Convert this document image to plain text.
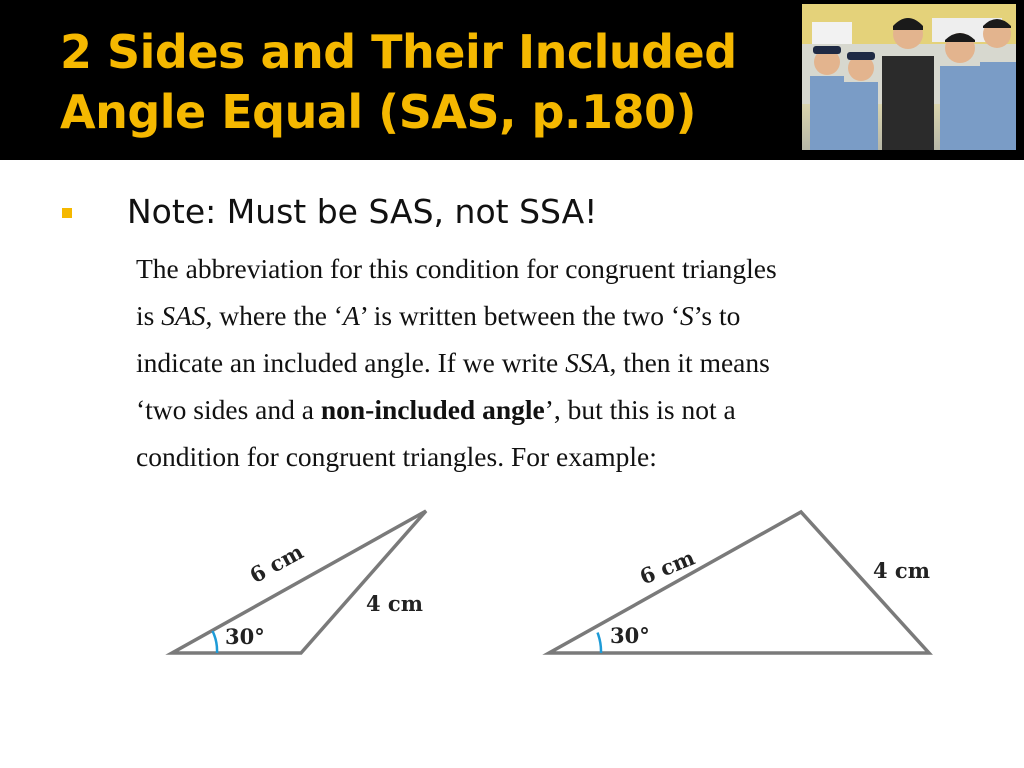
2 Sides and Their Included
Angle Equal (SAS, p.180)
Note: Must be SAS, not SSA!

The abbreviation for this condition for congruent triangles

is SAS, where the ‘A’ is written between the two ‘S’s to

indicate an included angle. If we write SSA, then it means

‘two sides and a non-included angle’, but this is not a

condition for congruent triangles. For example:

30°
6 cm
4 cm
30°
6 cm	4 cm
